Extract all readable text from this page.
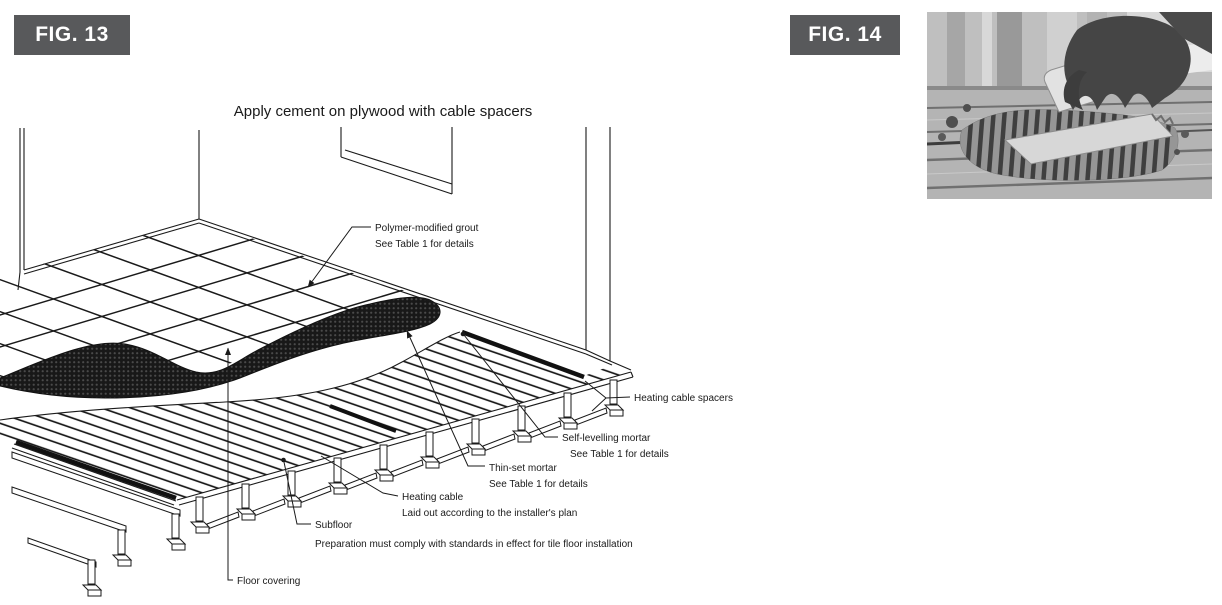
FIG. 13	FIG. 14
Apply cement on plywood with cable spacers
Polymer-modified grout
See Table 1 for details
Heating cable spacers
Self-levelling mortar
See Table 1 for details
Thin-set mortar
See Table 1 for details
Heating cable
Laid out according to the installer's plan
Subfloor
Preparation must comply with standards in effect for tile floor installation
Floor covering
